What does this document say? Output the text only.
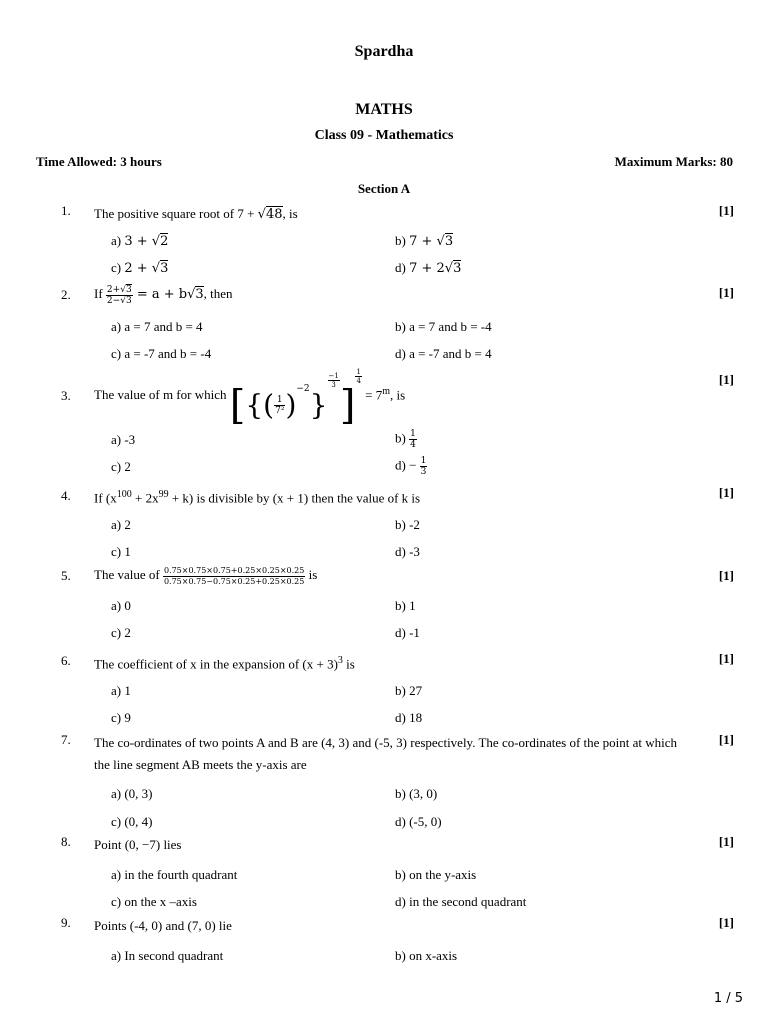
Spardha
MATHS
Class 09 - Mathematics
Time Allowed: 3 hours	Maximum Marks: 80
Section A
1. The positive square root of 7 + √48, is	[1]
a) 3 + √2	b) 7 + √3
c) 2 + √3	d) 7 + 2√3
2. If $\frac{2+√3}{2-√3} = a + b√3$, then	[1]
a) a = 7 and b = 4	b) a = 7 and b = -4
c) a = -7 and b = -4	d) a = -7 and b = 4
3. The value of m for which [{( $\frac{1}{\text{7²}} )^{-2}$}
$\frac{-1}{3}$
]
$\frac{1}{4}$
= $7^m$, is
[1]
a) -3	$b) \frac{1}{4}$
c) 2	$d) - \frac{1}{3}$
4. If $(x^{100} + 2x^{99} + k)$ is divisible by (x + 1) then the value of k is	[1]
a) 2	b) -2
c) 1	d) -3
5. The value of $\frac{0.75\times 0.75\times 0.75+0.25\times 0.25\times 0.25}{0.75\times 0.75-0.75\times 0.25+0.25\times 0.25}$ is	[1]
a) 0	b) 1
c) 2	d) -1
6. The coefficient of x in the expansion of $(x + 3)^3$ is	[1]
a) 1	b) 27
c) 9	d) 18
7. The co-ordinates of two points A and B are (4, 3) and (-5, 3) respectively. The co-ordinates of the point at which
the line segment AB meets the y-axis are
[1]
a) (0, 3)	b) (3, 0)
c) (0, 4)	d) (-5, 0)
8. Point (0, −7) lies	[1]
a) in the fourth quadrant	b) on the y-axis
c) on the x –axis	d) in the second quadrant
9. Points (-4, 0) and (7, 0) lie	[1]
a) In second quadrant	b) on x-axis
1 / 5
